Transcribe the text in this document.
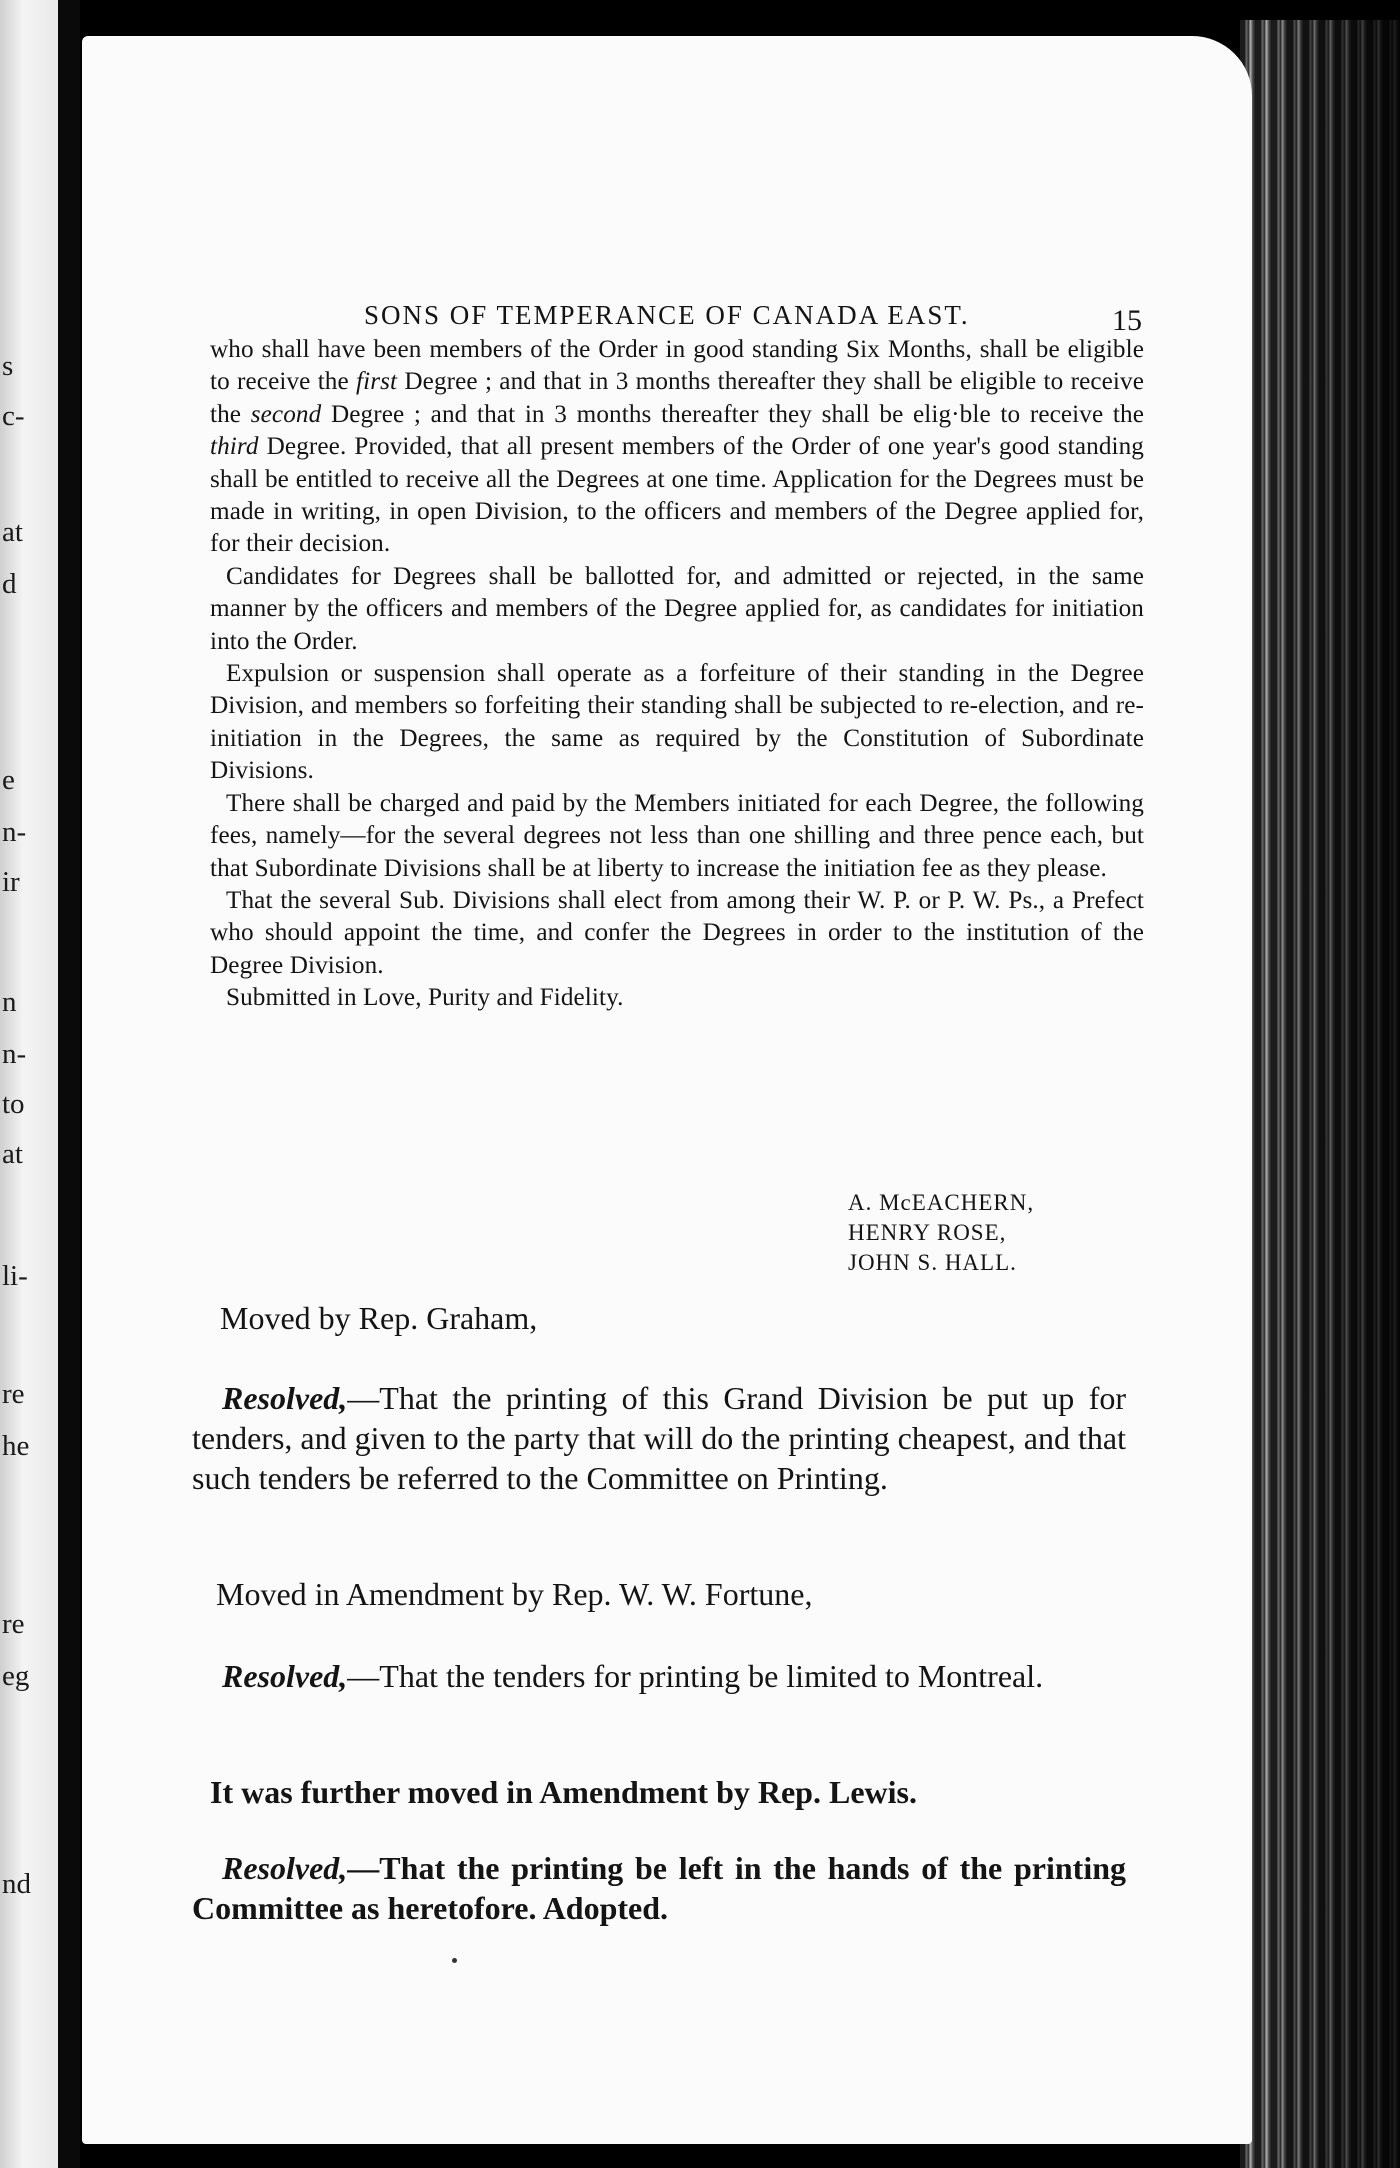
s
c-
at
d
e
n-
ir
n
n-
to
at
li-
re
he
re
eg
nd
SONS OF TEMPERANCE OF CANADA EAST.	15

who shall have been members of the Order in good standing Six Months, shall be eligible to receive the first Degree ; and that in 3 months thereafter they shall be eligible to receive the second Degree ; and that in 3 months thereafter they shall be elig·ble to receive the third Degree. Provided, that all present members of the Order of one year's good standing shall be entitled to receive all the Degrees at one time. Application for the Degrees must be made in writing, in open Division, to the officers and members of the Degree applied for, for their decision.

Candidates for Degrees shall be ballotted for, and admitted or rejected, in the same manner by the officers and members of the Degree applied for, as candidates for initiation into the Order.

Expulsion or suspension shall operate as a forfeiture of their standing in the Degree Division, and members so forfeiting their standing shall be subjected to re-election, and re-initiation in the Degrees, the same as required by the Constitution of Subordinate Divisions.

There shall be charged and paid by the Members initiated for each Degree, the following fees, namely—for the several degrees not less than one shilling and three pence each, but that Subordinate Divisions shall be at liberty to increase the initiation fee as they please.

That the several Sub. Divisions shall elect from among their W. P. or P. W. Ps., a Prefect who should appoint the time, and confer the Degrees in order to the institution of the Degree Division.

Submitted in Love, Purity and Fidelity.

A. McEACHERN,
HENRY ROSE,
JOHN S. HALL.

Moved by Rep. Graham,

Resolved,—That the printing of this Grand Division be put up for tenders, and given to the party that will do the printing cheapest, and that such tenders be referred to the Committee on Printing.

Moved in Amendment by Rep. W. W. Fortune,

Resolved,—That the tenders for printing be limited to Montreal.

It was further moved in Amendment by Rep. Lewis.

Resolved,—That the printing be left in the hands of the printing Committee as heretofore. Adopted.
